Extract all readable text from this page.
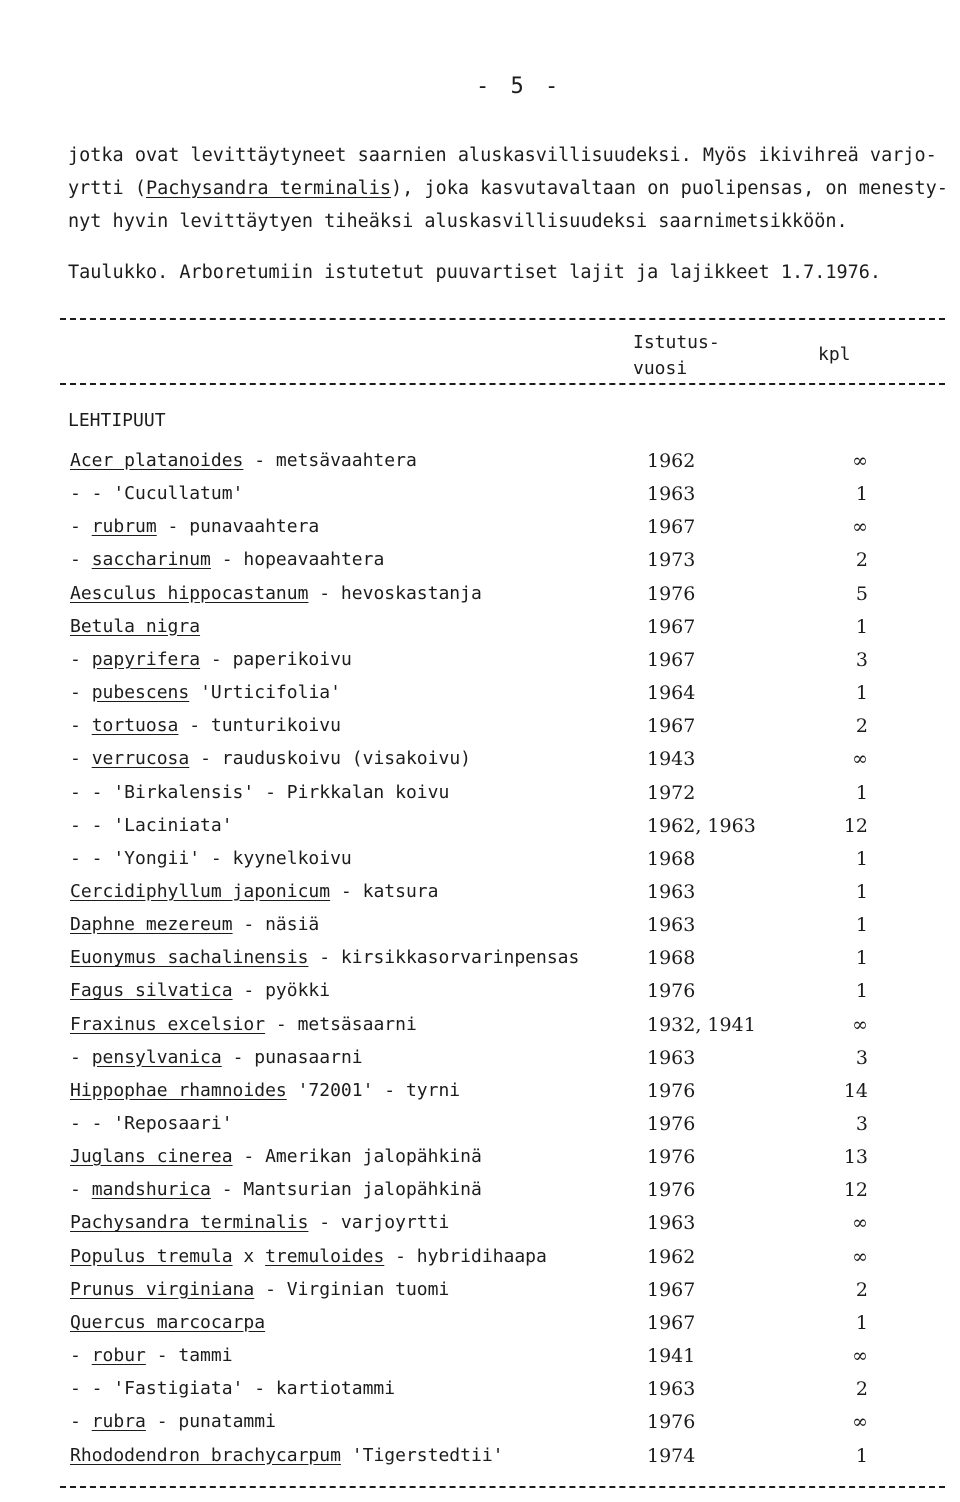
- 5 -

jotka ovat levittäytyneet saarnien aluskasvillisuudeksi. Myös ikivihreä varjo-

yrtti (Pachysandra terminalis), joka kasvutavaltaan on puolipensas, on menesty-

nyt hyvin levittäytyen tiheäksi aluskasvillisuudeksi saarnimetsikköön.

Taulukko. Arboretumiin istutetut puuvartiset lajit ja lajikkeet 1.7.1976.
Istutus-
vuosi
kpl
LEHTIPUUT
Acer platanoides - metsävaahtera	1962	∞
- - 'Cucullatum'	1963	1
- rubrum - punavaahtera	1967	∞
- saccharinum - hopeavaahtera	1973	2
Aesculus hippocastanum - hevoskastanja	1976	5
Betula nigra	1967	1
- papyrifera - paperikoivu	1967	3
- pubescens 'Urticifolia'	1964	1
- tortuosa - tunturikoivu	1967	2
- verrucosa - rauduskoivu (visakoivu)	1943	∞
- - 'Birkalensis' - Pirkkalan koivu	1972	1
- - 'Laciniata'	1962, 1963	12
- - 'Yongii' - kyynelkoivu	1968	1
Cercidiphyllum japonicum - katsura	1963	1
Daphne mezereum - näsiä	1963	1
Euonymus sachalinensis - kirsikkasorvarinpensas	1968	1
Fagus silvatica - pyökki	1976	1
Fraxinus excelsior - metsäsaarni	1932, 1941	∞
- pensylvanica - punasaarni	1963	3
Hippophae rhamnoides '72001' - tyrni	1976	14
- - 'Reposaari'	1976	3
Juglans cinerea - Amerikan jalopähkinä	1976	13
- mandshurica - Mantsurian jalopähkinä	1976	12
Pachysandra terminalis - varjoyrtti	1963	∞
Populus tremula x tremuloides - hybridihaapa	1962	∞
Prunus virginiana - Virginian tuomi	1967	2
Quercus marcocarpa	1967	1
- robur - tammi	1941	∞
- - 'Fastigiata' - kartiotammi	1963	2
- rubra - punatammi	1976	∞
Rhododendron brachycarpum 'Tigerstedtii'	1974	1
